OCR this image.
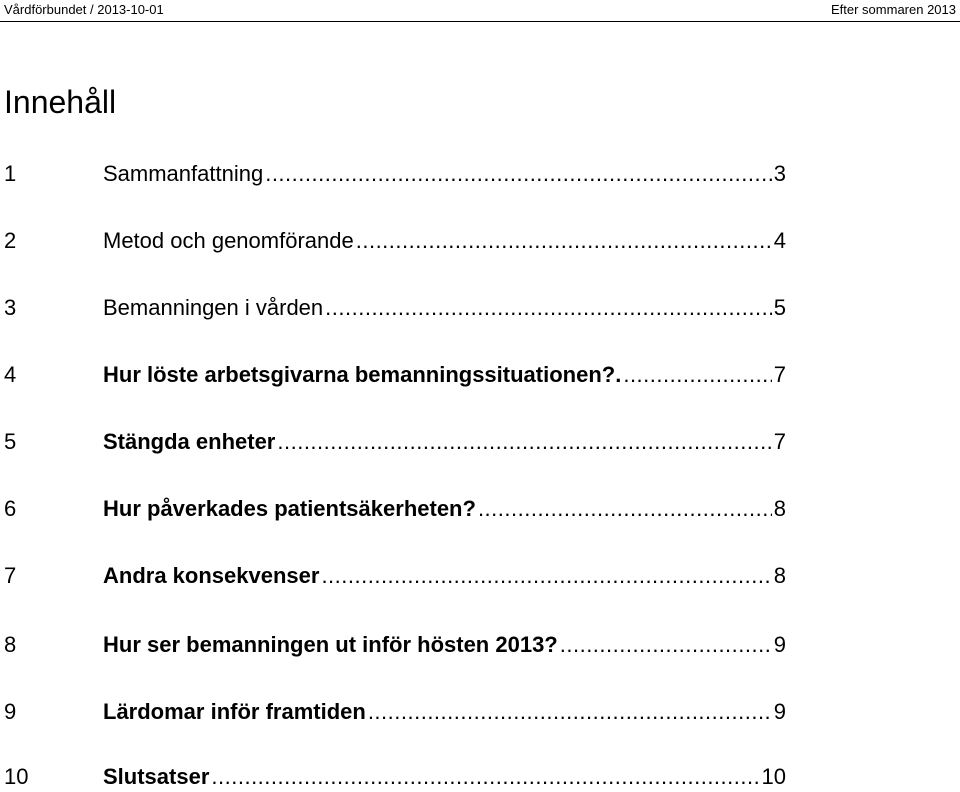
Vårdförbundet / 2013-10-01	Efter sommaren 2013
Innehåll
1	Sammanfattning .....	3
2	Metod och genomförande .....	4
3	Bemanningen i vården .....	5
4	Hur löste arbetsgivarna bemanningssituationen?. .....	7
5	Stängda enheter .....	7
6	Hur påverkades patientsäkerheten? .....	8
7	Andra konsekvenser .....	8
8	Hur ser bemanningen ut inför hösten 2013? .....	9
9	Lärdomar inför framtiden .....	9
10	Slutsatser .....	10
